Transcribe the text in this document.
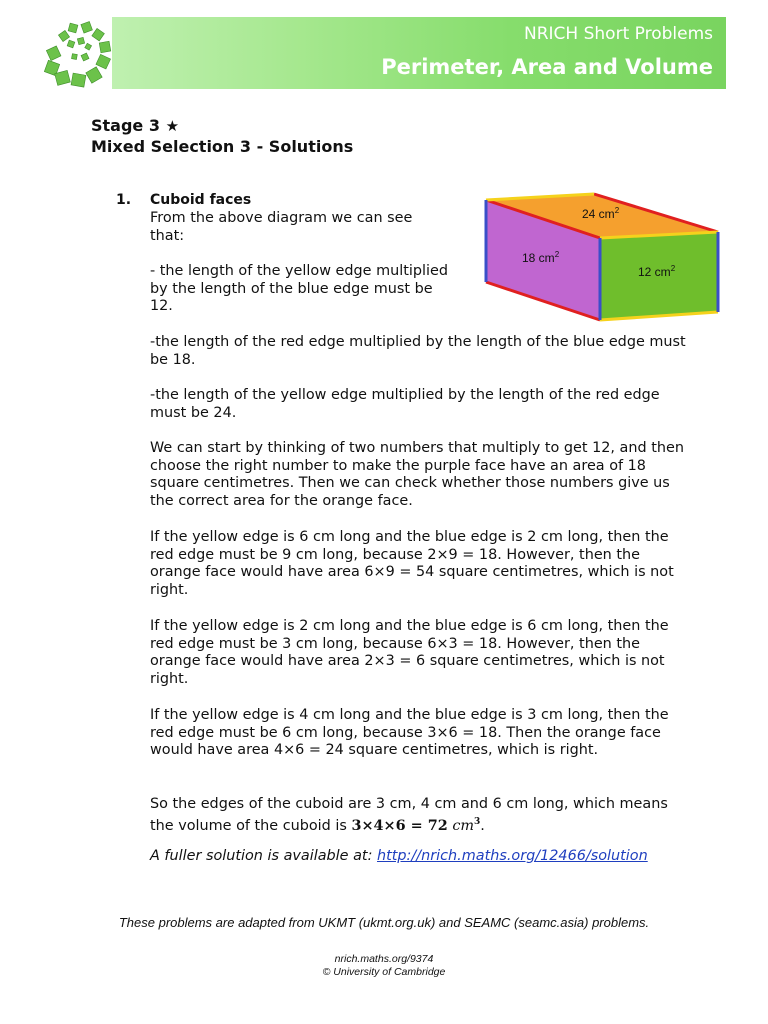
NRICH Short Problems
Perimeter, Area and Volume
Stage 3 ★
Mixed Selection 3 - Solutions
1. Cuboid faces
From the above diagram we can see that:
- the length of the yellow edge multiplied by the length of the blue edge must be 12.
-the length of the red edge multiplied by the length of the blue edge must be 18.
-the length of the yellow edge multiplied by the length of the red edge must be 24.
We can start by thinking of two numbers that multiply to get 12, and then choose the right number to make the purple face have an area of 18 square centimetres. Then we can check whether those numbers give us the correct area for the orange face.
If the yellow edge is 6 cm long and the blue edge is 2 cm long, then the red edge must be 9 cm long, because 2×9 = 18. However, then the orange face would have area 6×9 = 54 square centimetres, which is not right.
If the yellow edge is 2 cm long and the blue edge is 6 cm long, then the red edge must be 3 cm long, because 6×3 = 18. However, then the orange face would have area 2×3 = 6 square centimetres, which is not right.
If the yellow edge is 4 cm long and the blue edge is 3 cm long, then the red edge must be 6 cm long, because 3×6 = 18. Then the orange face would have area 4×6 = 24 square centimetres, which is right.
So the edges of the cuboid are 3 cm, 4 cm and 6 cm long, which means the volume of the cuboid is 3×4×6 = 72 $cm^3$.
A fuller solution is available at: http://nrich.maths.org/12466/solution
24 $cm^2$
18 $cm^2$
12 $cm^2$
These problems are adapted from UKMT (ukmt.org.uk) and SEAMC (seamc.asia) problems.
nrich.maths.org/9374
© University of Cambridge
